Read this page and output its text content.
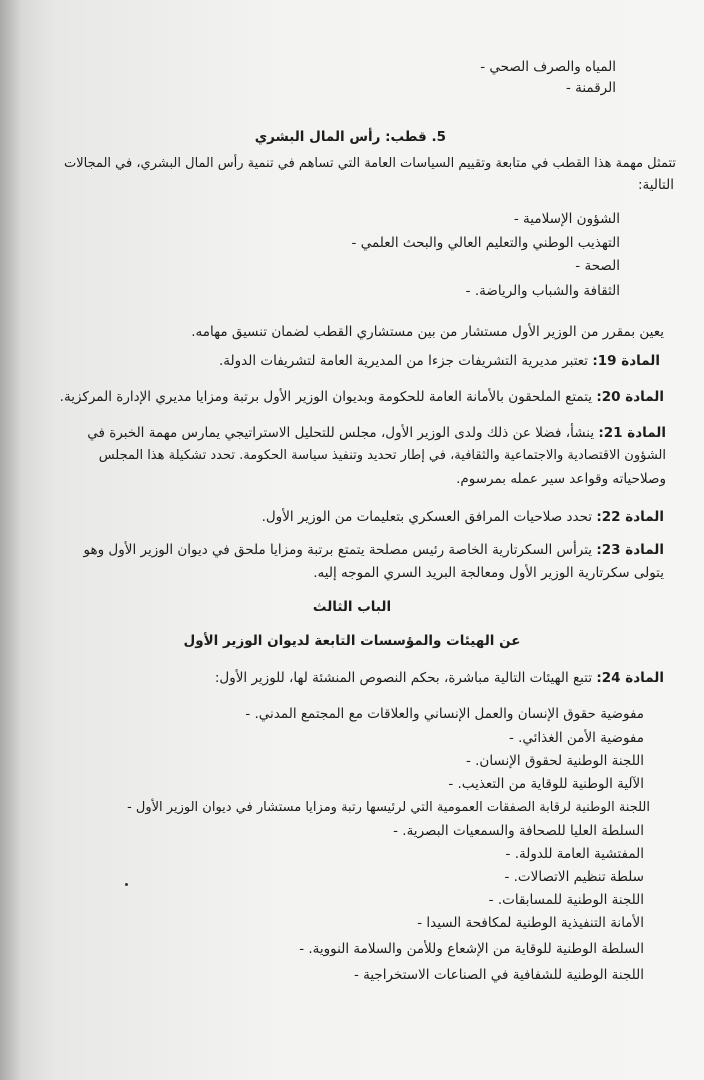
المياه والصرف الصحي -
الرقمنة -
5. قطب: رأس المال البشري
تتمثل مهمة هذا القطب في متابعة وتقييم السياسات العامة التي تساهم في تنمية رأس المال البشري، في المجالات
التالية:
الشؤون الإسلامية -
التهذيب الوطني والتعليم العالي والبحث العلمي -
الصحة -
الثقافة والشباب والرياضة. -
يعين بمقرر من الوزير الأول مستشار من بين مستشاري القطب لضمان تنسيق مهامه.
المادة 19: تعتبر مديرية التشريفات جزءا من المديرية العامة لتشريفات الدولة.
المادة 20: يتمتع الملحقون بالأمانة العامة للحكومة وبديوان الوزير الأول برتبة ومزايا مديري الإدارة المركزية.
المادة 21: ينشأ، فضلا عن ذلك ولدى الوزير الأول، مجلس للتحليل الاستراتيجي يمارس مهمة الخبرة في
الشؤون الاقتصادية والاجتماعية والثقافية، في إطار تحديد وتنفيذ سياسة الحكومة. تحدد تشكيلة هذا المجلس
وصلاحياته وقواعد سير عمله بمرسوم.
المادة 22: تحدد صلاحيات المرافق العسكري بتعليمات من الوزير الأول.
المادة 23: يترأس السكرتارية الخاصة رئيس مصلحة يتمتع برتبة ومزايا ملحق في ديوان الوزير الأول وهو
يتولى سكرتارية الوزير الأول ومعالجة البريد السري الموجه إليه.
الباب الثالث
عن الهيئات والمؤسسات التابعة لديوان الوزير الأول
المادة 24: تتبع الهيئات التالية مباشرة، بحكم النصوص المنشئة لها، للوزير الأول:
مفوضية حقوق الإنسان والعمل الإنساني والعلاقات مع المجتمع المدني. -
مفوضية الأمن الغذائي. -
اللجنة الوطنية لحقوق الإنسان. -
الآلية الوطنية للوقاية من التعذيب. -
اللجنة الوطنية لرقابة الصفقات العمومية التي لرئيسها رتبة ومزايا مستشار في ديوان الوزير الأول -
السلطة العليا للصحافة والسمعيات البصرية. -
المفتشية العامة للدولة. -
سلطة تنظيم الاتصالات. -
اللجنة الوطنية للمسابقات. -
الأمانة التنفيذية الوطنية لمكافحة السيدا -
السلطة الوطنية للوقاية من الإشعاع وللأمن والسلامة النووية. -
اللجنة الوطنية للشفافية في الصناعات الاستخراجية -
